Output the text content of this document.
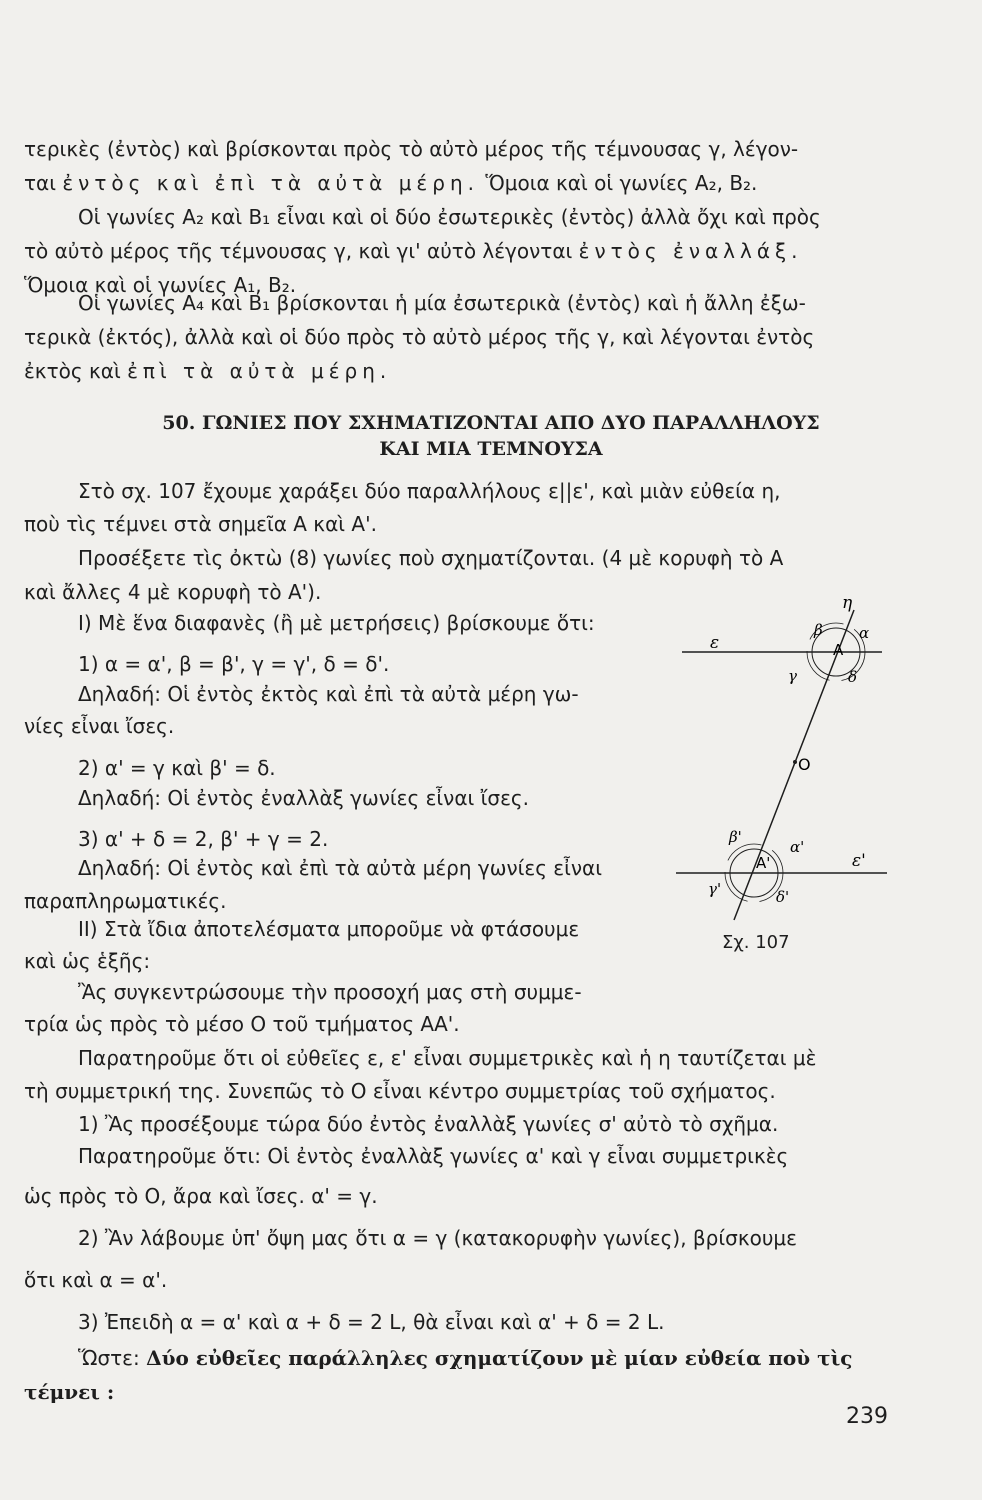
τερικὲς (ἐντὸς) καὶ βρίσκονται πρὸς τὸ αὐτὸ μέρος τῆς τέμνουσας γ, λέγον-
ται ἐντὸς καὶ ἐπὶ τὰ αὐτὰ μέρη. Ὅμοια καὶ οἱ γωνίες Α₂, Β₂.
Οἱ γωνίες Α₂ καὶ Β₁ εἶναι καὶ οἱ δύο ἐσωτερικὲς (ἐντὸς) ἀλλὰ ὄχι καὶ πρὸς
τὸ αὐτὸ μέρος τῆς τέμνουσας γ, καὶ γι' αὐτὸ λέγονται ἐντὸς ἐναλλάξ.
Ὅμοια καὶ οἱ γωνίες Α₁, Β₂.
Οἱ γωνίες Α₄ καὶ Β₁ βρίσκονται ἡ μία ἐσωτερικὰ (ἐντὸς) καὶ ἡ ἄλλη ἐξω-
τερικὰ (ἐκτός), ἀλλὰ καὶ οἱ δύο πρὸς τὸ αὐτὸ μέρος τῆς γ, καὶ λέγονται ἐντὸς
ἐκτὸς καὶ ἐπὶ τὰ αὐτὰ μέρη.
50. ΓΩΝΙΕΣ ΠΟΥ ΣΧΗΜΑΤΙΖΟΝΤΑΙ ΑΠΟ ΔΥΟ ΠΑΡΑΛΛΗΛΟΥΣ
ΚΑΙ ΜΙΑ ΤΕΜΝΟΥΣΑ
Στὸ σχ. 107 ἔχουμε χαράξει δύο παραλλήλους ε||ε', καὶ μιὰν εὐθεία η,
ποὺ τὶς τέμνει στὰ σημεῖα Α καὶ Α'.
Προσέξετε τὶς ὀκτὼ (8) γωνίες ποὺ σχηματίζονται. (4 μὲ κορυφὴ τὸ Α
καὶ ἄλλες 4 μὲ κορυφὴ τὸ Α').
Ι) Μὲ ἕνα διαφανὲς (ἢ μὲ μετρήσεις) βρίσκουμε ὅτι:
1) α = α', β = β', γ = γ', δ = δ'.
Δηλαδή: Οἱ ἐντὸς ἐκτὸς καὶ ἐπὶ τὰ αὐτὰ μέρη γω-
νίες εἶναι ἴσες.
2) α' = γ καὶ β' = δ.
Δηλαδή: Οἱ ἐντὸς ἐναλλὰξ γωνίες εἶναι ἴσες.
3) α' + δ = 2, β' + γ = 2.
Δηλαδή: Οἱ ἐντὸς καὶ ἐπὶ τὰ αὐτὰ μέρη γωνίες εἶναι
παραπληρωματικές.
ΙΙ) Στὰ ἴδια ἀποτελέσματα μποροῦμε νὰ φτάσουμε
καὶ ὡς ἑξῆς:
Ἂς συγκεντρώσουμε τὴν προσοχή μας στὴ συμμε-
τρία ὡς πρὸς τὸ μέσο Ο τοῦ τμήματος ΑΑ'.
Παρατηροῦμε ὅτι οἱ εὐθεῖες ε, ε' εἶναι συμμετρικὲς καὶ ἡ η ταυτίζεται μὲ
τὴ συμμετρική της. Συνεπῶς τὸ Ο εἶναι κέντρο συμμετρίας τοῦ σχήματος.
1) Ἂς προσέξουμε τώρα δύο ἐντὸς ἐναλλὰξ γωνίες σ' αὐτὸ τὸ σχῆμα.
Παρατηροῦμε ὅτι: Οἱ ἐντὸς ἐναλλὰξ γωνίες α' καὶ γ εἶναι συμμετρικὲς
ὡς πρὸς τὸ Ο, ἄρα καὶ ἴσες. α' = γ.
2) Ἂν λάβουμε ὑπ' ὄψη μας ὅτι α = γ (κατακορυφὴν γωνίες), βρίσκουμε
ὅτι καὶ α = α'.
3) Ἐπειδὴ α = α' καὶ α + δ = 2 L, θὰ εἶναι καὶ α' + δ = 2 L.
Ὥστε: Δύο εὐθεῖες παράλληλες σχηματίζουν μὲ μίαν εὐθεία ποὺ τὶς
τέμνει :
η
β α
ε	Α
γ	δ
Ο
β'
α'
Α'	ε'
γ'	δ'
Σχ. 107
239
